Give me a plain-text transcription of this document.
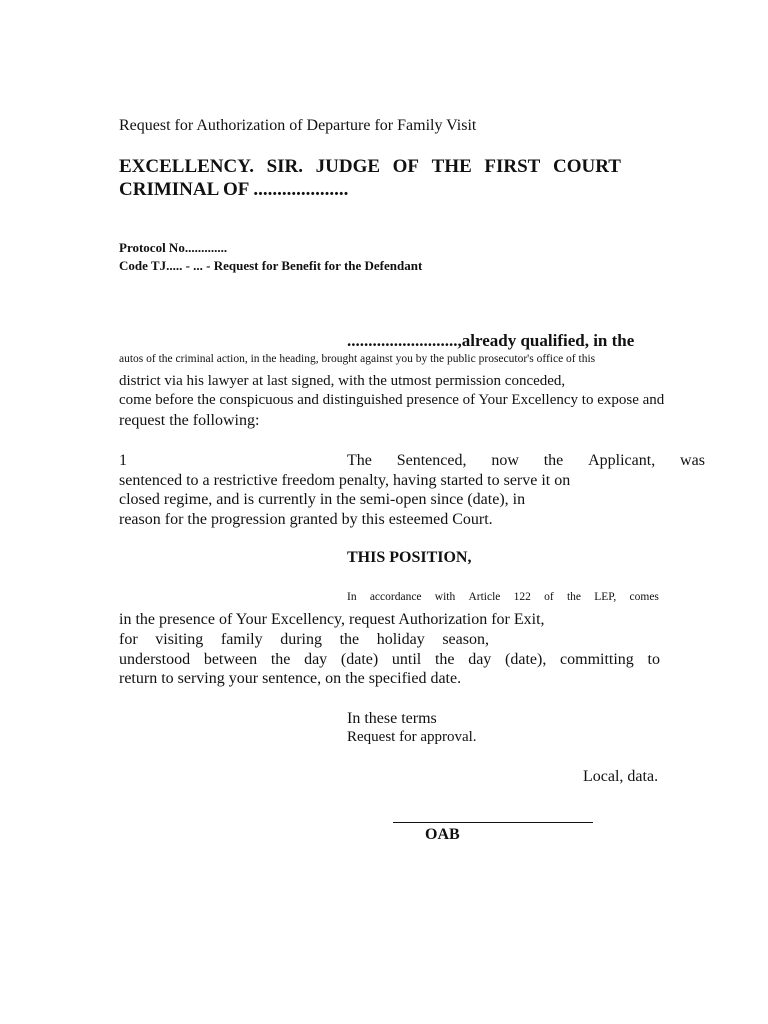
Request for Authorization of Departure for Family Visit

EXCELLENCY. SIR. JUDGE OF THE FIRST COURT
CRIMINAL OF ....................
Protocol No.............
Code TJ..... - ... - Request for Benefit for the Defendant

..........................,already qualified, in the

autos of the criminal action, in the heading, brought against you by the public prosecutor's office of this

district via his lawyer at last signed, with the utmost permission conceded,

come before the conspicuous and distinguished presence of Your Excellency to expose and

request the following:

1	The Sentenced, now the Applicant, was

sentenced to a restrictive freedom penalty, having started to serve it on

closed regime, and is currently in the semi-open since (date), in

reason for the progression granted by this esteemed Court.

THIS POSITION,

In accordance with Article 122 of the LEP, comes

in the presence of Your Excellency, request Authorization for Exit,

for visiting family during the holiday season,
understood between the day (date) until the day (date), committing to

return to serving your sentence, on the specified date.

In these terms

Request for approval.

Local, data.

OAB
